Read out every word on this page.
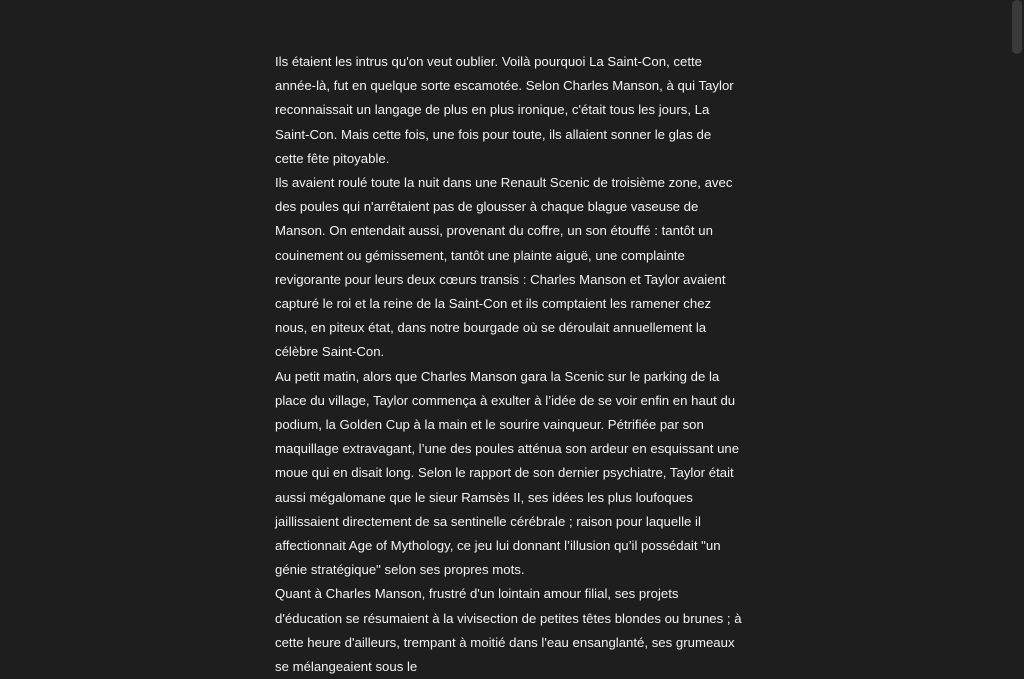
Ils étaient les intrus qu'on veut oublier. Voilà pourquoi La Saint-Con, cette année-là, fut en quelque sorte escamotée. Selon Charles Manson, à qui Taylor reconnaissait un langage de plus en plus ironique, c'était tous les jours, La Saint-Con. Mais cette fois, une fois pour toute, ils allaient sonner le glas de cette fête pitoyable.

Ils avaient roulé toute la nuit dans une Renault Scenic de troisième zone, avec des poules qui n'arrêtaient pas de glousser à chaque blague vaseuse de Manson. On entendait aussi, provenant du coffre, un son étouffé : tantôt un couinement ou gémissement, tantôt une plainte aiguë, une complainte revigorante pour leurs deux cœurs transis : Charles Manson et Taylor avaient capturé le roi et la reine de la Saint-Con et ils comptaient les ramener chez nous, en piteux état, dans notre bourgade où se déroulait annuellement la célèbre Saint-Con.

Au petit matin, alors que Charles Manson gara la Scenic sur le parking de la place du village, Taylor commença à exulter à l’idée de se voir enfin en haut du podium, la Golden Cup à la main et le sourire vainqueur. Pétrifiée par son maquillage extravagant, l’une des poules atténua son ardeur en esquissant une moue qui en disait long. Selon le rapport de son dernier psychiatre, Taylor était aussi mégalomane que le sieur Ramsès II, ses idées les plus loufoques jaillissaient directement de sa sentinelle cérébrale ; raison pour laquelle il affectionnait Age of Mythology, ce jeu lui donnant l’illusion qu’il possédait "un génie stratégique" selon ses propres mots.

Quant à Charles Manson, frustré d'un lointain amour filial, ses projets d'éducation se résumaient à la vivisection de petites têtes blondes ou brunes ; à cette heure d'ailleurs, trempant à moitié dans l'eau ensanglanté, ses grumeaux se mélangeaient sous le
